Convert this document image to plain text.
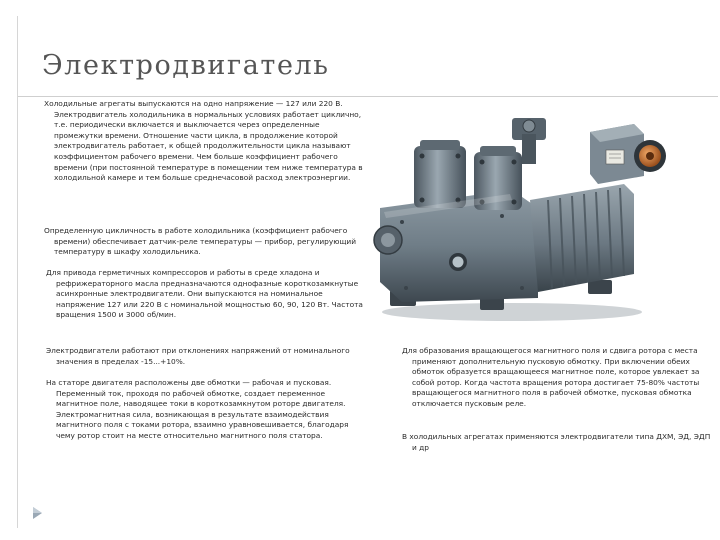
Электродвигатель

Холодильные агрегаты выпускаются на одно напряжение — 127 или 220 В. Электродвигатель холодильника в нормальных условиях работает циклично, т.е. периодически включается и выключается через определенные промежутки времени. Отношение части цикла, в продолжение которой электродвигатель работает, к общей продолжительности цикла называют коэффициентом рабочего времени. Чем больше коэффициент рабочего времени (при постоянной температуре в помещении тем ниже температура в холодильной камере и тем больше среднечасовой расход электроэнергии.

Определенную цикличность в работе холодильника (коэффициент рабочего времени) обеспечивает датчик-реле температуры — прибор, регулирующий температуру в шкафу холодильника.

Для привода герметичных компрессоров и работы в среде хладона и рефрижераторного масла предназначаются однофазные короткозамкнутые асинхронные электродвигатели. Они выпускаются на номинальное напряжение 127 или 220 В с номинальной мощностью 60, 90, 120 Вт. Частота вращения 1500 и 3000 об/мин.

Электродвигатели работают при отклонениях напряжений от номинального значения в пределах -15...+10%.

На статоре двигателя расположены две обмотки — рабочая и пусковая. Переменный ток, проходя по рабочей обмотке, создает переменное магнитное поле, наводящее токи в короткозамкнутом роторе двигателя. Электромагнитная сила, возникающая в результате взаимодействия магнитного поля с токами ротора, взаимно уравновешивается, благодаря чему ротор стоит на месте относительно магнитного поля статора.

Для образования вращающегося магнитного поля и сдвига ротора с места применяют дополнительную пусковую обмотку. При включении обеих обмоток образуется вращающееся магнитное поле, которое увлекает за собой ротор. Когда частота вращения ротора достигает 75-80% частоты вращающегося магнитного поля в рабочей обмотке, пусковая обмотка отключается пусковым реле.

В холодильных агрегатах применяются электродвигатели типа ДХМ, ЭД, ЭДП и др
